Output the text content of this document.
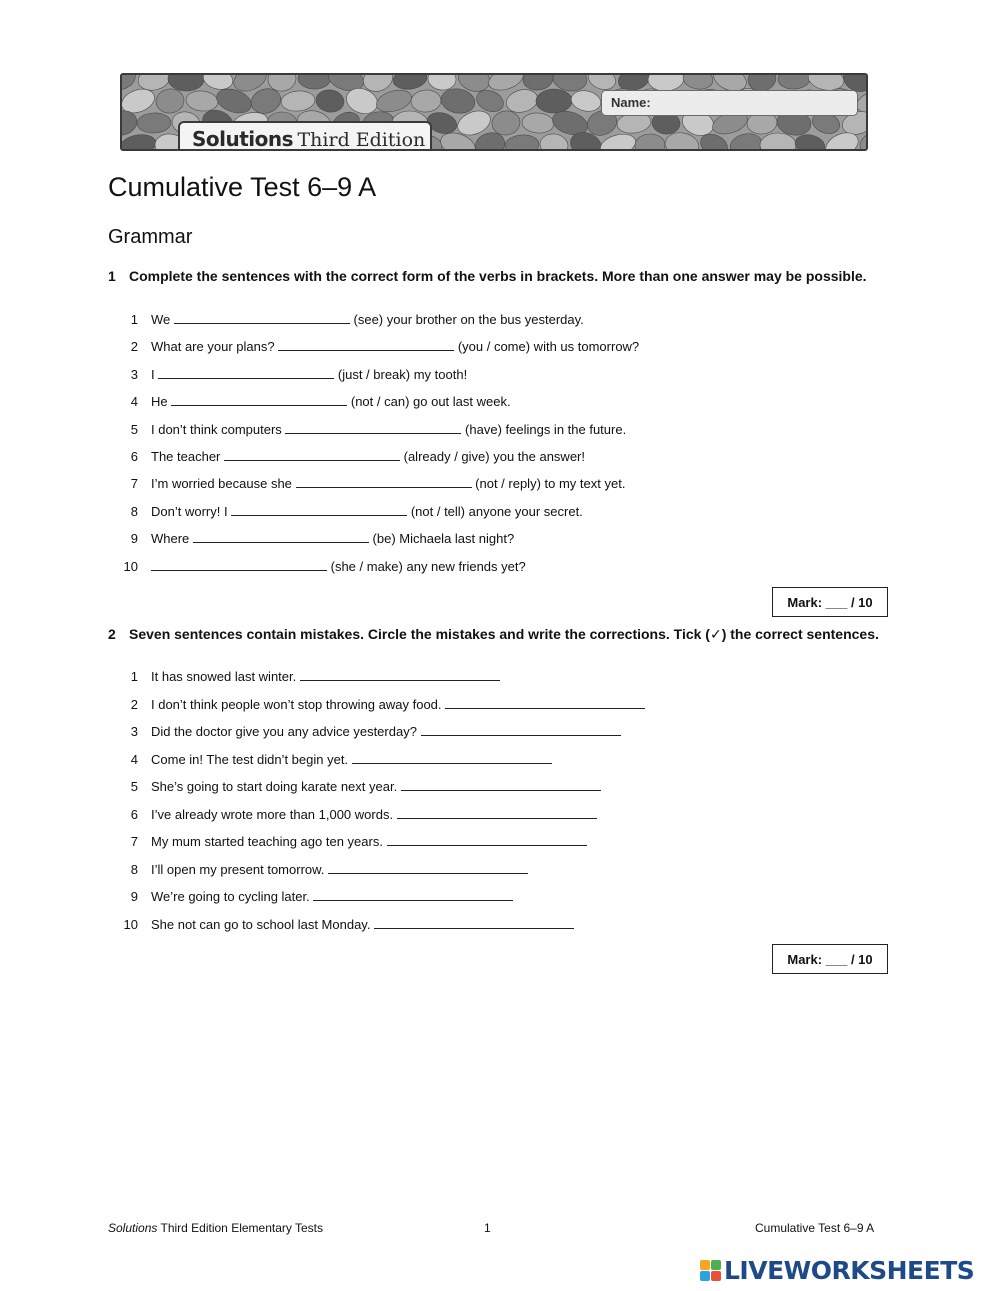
Name:
Solutions Third Edition
Cumulative Test 6–9 A
Grammar
1 Complete the sentences with the correct form of the verbs in brackets. More than one answer may be possible.
1 We	(see) your brother on the bus yesterday.
2 What are your plans?	(you / come) with us tomorrow?
3 I	(just / break) my tooth!
4 He	(not / can) go out last week.
5 I don’t think computers	(have) feelings in the future.
6 The teacher	(already / give) you the answer!
7 I’m worried because she	(not / reply) to my text yet.
8 Don’t worry! I	(not / tell) anyone your secret.
9 Where	(be) Michaela last night?
10	(she / make) any new friends yet?
Mark: ___ / 10
2 Seven sentences contain mistakes. Circle the mistakes and write the corrections. Tick (✓) the correct sentences.
1 It has snowed last winter.
2 I don’t think people won’t stop throwing away food.
3 Did the doctor give you any advice yesterday?
4 Come in! The test didn’t begin yet.
5 She’s going to start doing karate next year.
6 I’ve already wrote more than 1,000 words.
7 My mum started teaching ago ten years.
8 I’ll open my present tomorrow.
9 We’re going to cycling later.
10 She not can go to school last Monday.
Mark: ___ / 10
Solutions Third Edition Elementary Tests	1	Cumulative Test 6–9 A
LIVEWORKSHEETS
